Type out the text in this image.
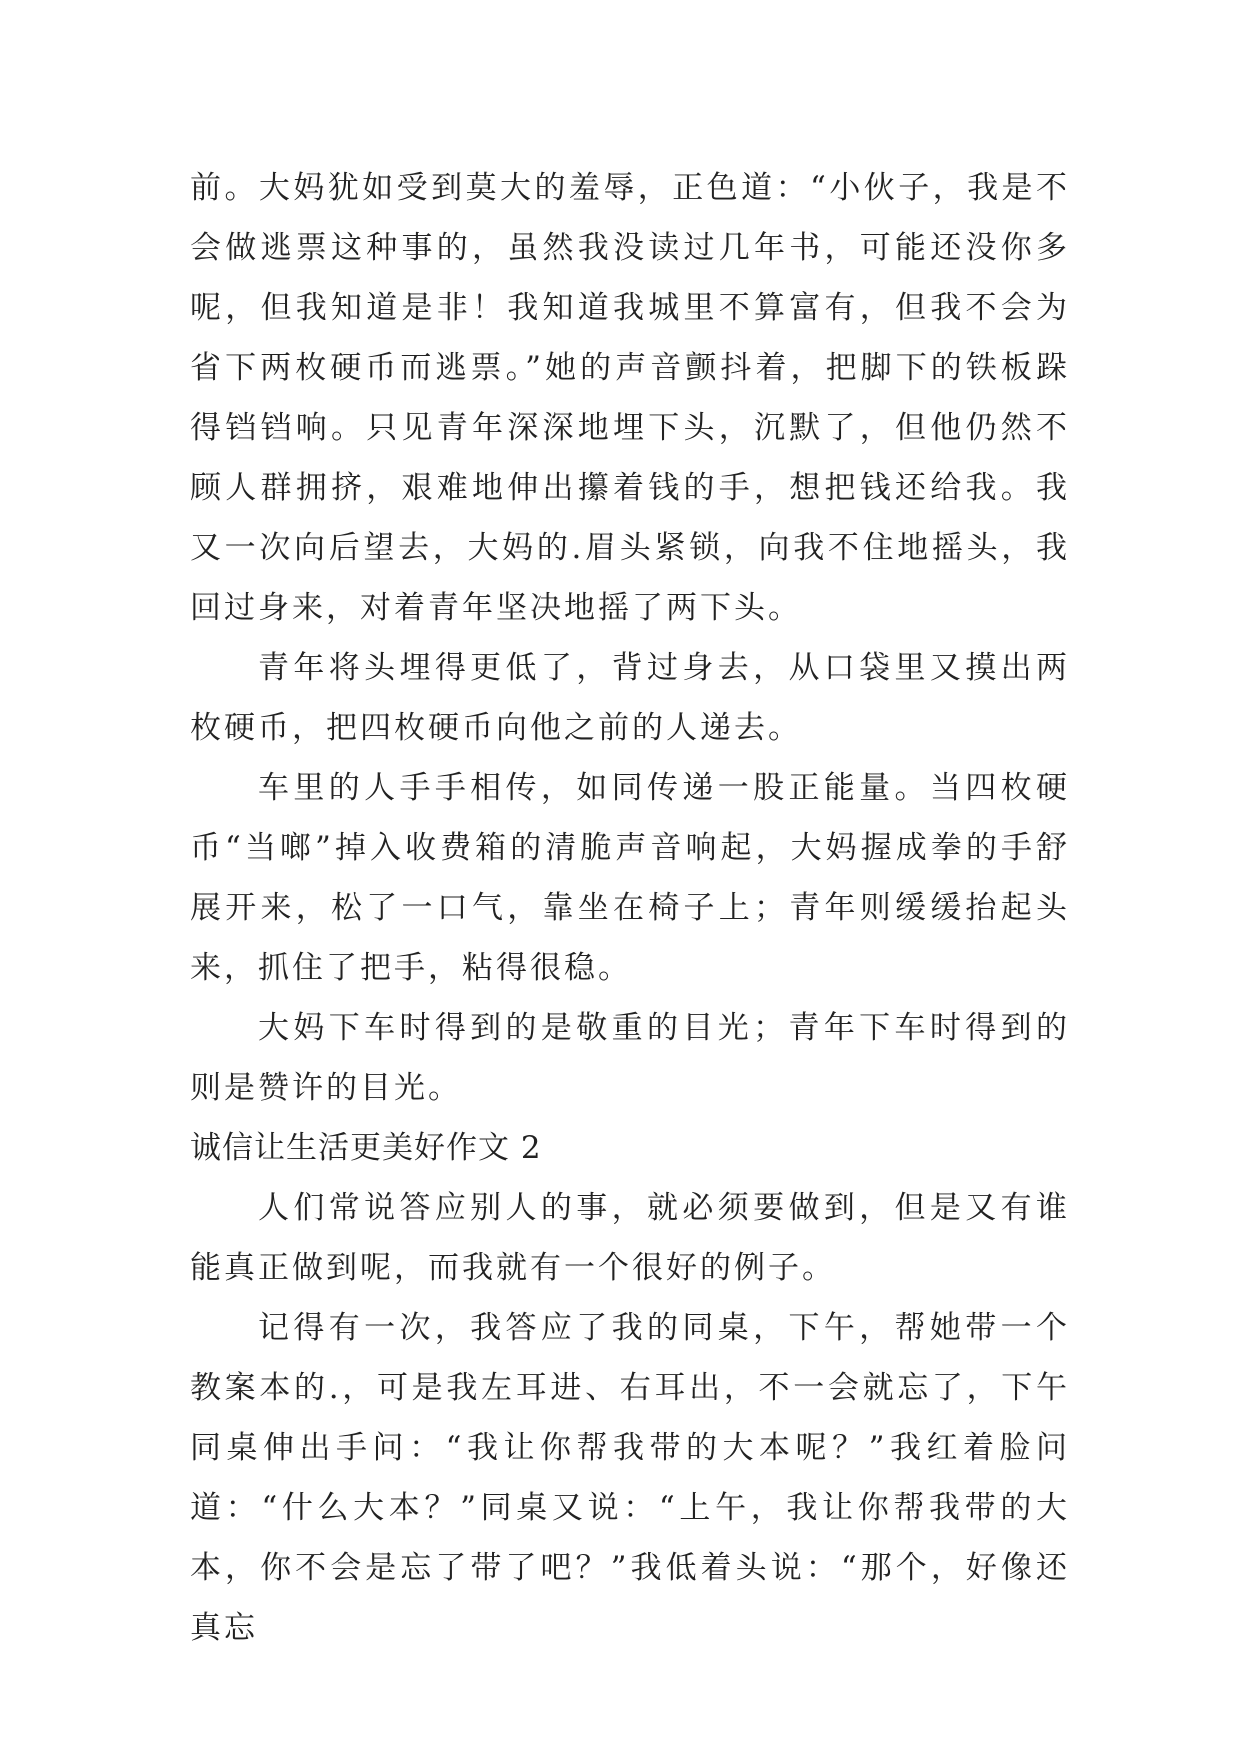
前。大妈犹如受到莫大的羞辱，正色道：“小伙子，我是不会做逃票这种事的，虽然我没读过几年书，可能还没你多呢，但我知道是非！我知道我城里不算富有，但我不会为省下两枚硬币而逃票。”她的声音颤抖着，把脚下的铁板跺得铛铛响。只见青年深深地埋下头，沉默了，但他仍然不顾人群拥挤，艰难地伸出攥着钱的手，想把钱还给我。我又一次向后望去，大妈的.眉头紧锁，向我不住地摇头，我回过身来，对着青年坚决地摇了两下头。

青年将头埋得更低了，背过身去，从口袋里又摸出两枚硬币，把四枚硬币向他之前的人递去。

车里的人手手相传，如同传递一股正能量。当四枚硬币“当啷”掉入收费箱的清脆声音响起，大妈握成拳的手舒展开来，松了一口气，靠坐在椅子上；青年则缓缓抬起头来，抓住了把手，粘得很稳。

大妈下车时得到的是敬重的目光；青年下车时得到的则是赞许的目光。

诚信让生活更美好作文 2

人们常说答应别人的事，就必须要做到，但是又有谁能真正做到呢，而我就有一个很好的例子。

记得有一次，我答应了我的同桌，下午，帮她带一个教案本的.，可是我左耳进、右耳出，不一会就忘了，下午同桌伸出手问：“我让你帮我带的大本呢？”我红着脸问道：“什么大本？”同桌又说：“上午，我让你帮我带的大本，你不会是忘了带了吧？”我低着头说：“那个，好像还真忘
